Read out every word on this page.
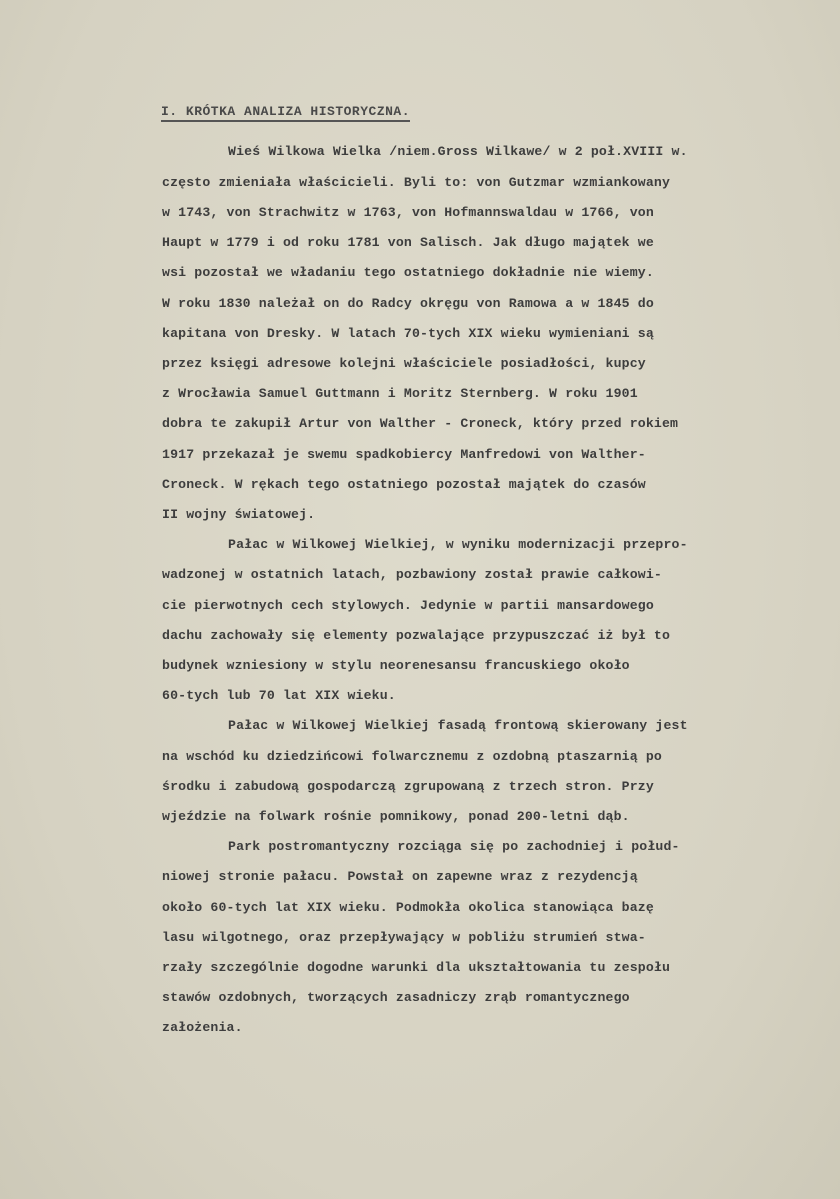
I. KRÓTKA ANALIZA HISTORYCZNA.
Wieś Wilkowa Wielka /niem.Gross Wilkawe/ w 2 poł.XVIII w.
często zmieniała właścicieli. Byli to: von Gutzmar wzmiankowany
w 1743, von Strachwitz w 1763, von Hofmannswaldau w 1766, von
Haupt w 1779 i od roku 1781 von Salisch. Jak długo majątek we
wsi pozostał we władaniu tego ostatniego dokładnie nie wiemy.
W roku 1830 należał on do Radcy okręgu von Ramowa a w 1845 do
kapitana von Dresky. W latach 70-tych XIX wieku wymieniani są
przez księgi adresowe kolejni właściciele posiadłości, kupcy
z Wrocławia Samuel Guttmann i Moritz Sternberg. W roku 1901
dobra te zakupił Artur von Walther - Croneck, który przed rokiem
1917 przekazał je swemu spadkobiercy Manfredowi von Walther-
Croneck. W rękach tego ostatniego pozostał majątek do czasów
II wojny światowej.
Pałac w Wilkowej Wielkiej, w wyniku modernizacji przepro-
wadzonej w ostatnich latach, pozbawiony został prawie całkowi-
cie pierwotnych cech stylowych. Jedynie w partii mansardowego
dachu zachowały się elementy pozwalające przypuszczać iż był to
budynek wzniesiony w stylu neorenesansu francuskiego około
60-tych lub 70 lat XIX wieku.
Pałac w Wilkowej Wielkiej fasadą frontową skierowany jest
na wschód ku dziedzińcowi folwarcznemu z ozdobną ptaszarnią po
środku i zabudową gospodarczą zgrupowaną z trzech stron. Przy
wjeździe na folwark rośnie pomnikowy, ponad 200-letni dąb.
Park postromantyczny rozciąga się po zachodniej i połud-
niowej stronie pałacu. Powstał on zapewne wraz z rezydencją
około 60-tych lat XIX wieku. Podmokła okolica stanowiąca bazę
lasu wilgotnego, oraz przepływający w pobliżu strumień stwa-
rzały szczególnie dogodne warunki dla ukształtowania tu zespołu
stawów ozdobnych, tworzących zasadniczy zrąb romantycznego
założenia.
